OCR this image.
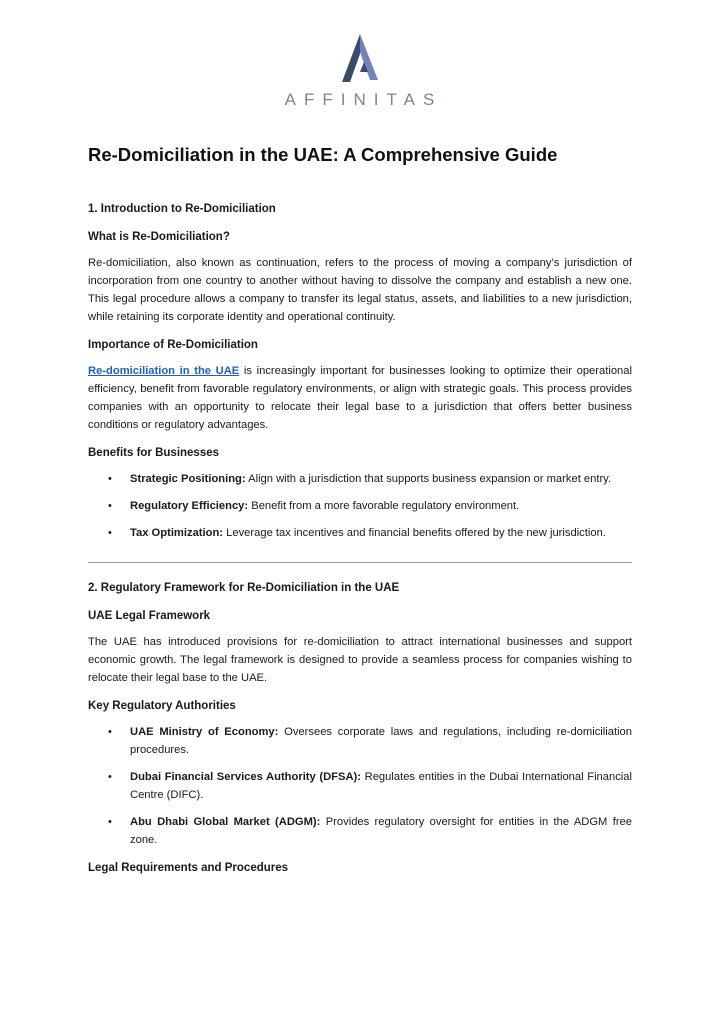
AFFINITAS
Re-Domiciliation in the UAE: A Comprehensive Guide
1. Introduction to Re-Domiciliation
What is Re-Domiciliation?

Re-domiciliation, also known as continuation, refers to the process of moving a company’s jurisdiction of incorporation from one country to another without having to dissolve the company and establish a new one. This legal procedure allows a company to transfer its legal status, assets, and liabilities to a new jurisdiction, while retaining its corporate identity and operational continuity.

Importance of Re-Domiciliation

Re-domiciliation in the UAE is increasingly important for businesses looking to optimize their operational efficiency, benefit from favorable regulatory environments, or align with strategic goals. This process provides companies with an opportunity to relocate their legal base to a jurisdiction that offers better business conditions or regulatory advantages.

Benefits for Businesses
• Strategic Positioning: Align with a jurisdiction that supports business expansion or market entry.
• Regulatory Efficiency: Benefit from a more favorable regulatory environment.
• Tax Optimization: Leverage tax incentives and financial benefits offered by the new jurisdiction.
2. Regulatory Framework for Re-Domiciliation in the UAE
UAE Legal Framework

The UAE has introduced provisions for re-domiciliation to attract international businesses and support economic growth. The legal framework is designed to provide a seamless process for companies wishing to relocate their legal base to the UAE.

Key Regulatory Authorities
• UAE Ministry of Economy: Oversees corporate laws and regulations, including re-domiciliation procedures.
• Dubai Financial Services Authority (DFSA): Regulates entities in the Dubai International Financial Centre (DIFC).
• Abu Dhabi Global Market (ADGM): Provides regulatory oversight for entities in the ADGM free zone.
Legal Requirements and Procedures
